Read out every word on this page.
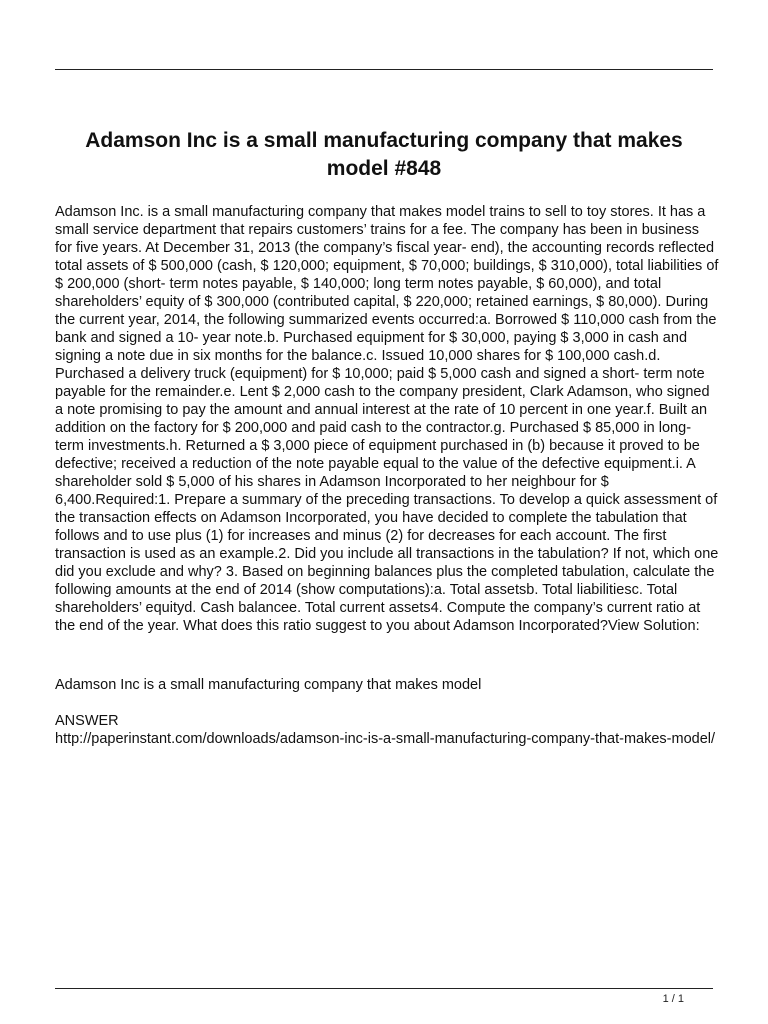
Adamson Inc is a small manufacturing company that makes model #848

Adamson Inc. is a small manufacturing company that makes model trains to sell to toy stores. It has a small service department that repairs customers’ trains for a fee. The company has been in business for five years. At December 31, 2013 (the company’s fiscal year- end), the accounting records reflected total assets of $ 500,000 (cash, $ 120,000; equipment, $ 70,000; buildings, $ 310,000), total liabilities of $ 200,000 (short- term notes payable, $ 140,000; long term notes payable, $ 60,000), and total shareholders’ equity of $ 300,000 (contributed capital, $ 220,000; retained earnings, $ 80,000). During the current year, 2014, the following summarized events occurred:a. Borrowed $ 110,000 cash from the bank and signed a 10- year note.b. Purchased equipment for $ 30,000, paying $ 3,000 in cash and signing a note due in six months for the balance.c. Issued 10,000 shares for $ 100,000 cash.d. Purchased a delivery truck (equipment) for $ 10,000; paid $ 5,000 cash and signed a short- term note payable for the remainder.e. Lent $ 2,000 cash to the company president, Clark Adamson, who signed a note promising to pay the amount and annual interest at the rate of 10 percent in one year.f. Built an addition on the factory for $ 200,000 and paid cash to the contractor.g. Purchased $ 85,000 in long- term investments.h. Returned a $ 3,000 piece of equipment purchased in (b) because it proved to be defective; received a reduction of the note payable equal to the value of the defective equipment.i. A shareholder sold $ 5,000 of his shares in Adamson Incorporated to her neighbour for $ 6,400.Required:1. Prepare a summary of the preceding transactions. To develop a quick assessment of the transaction effects on Adamson Incorporated, you have decided to complete the tabulation that follows and to use plus (1) for increases and minus (2) for decreases for each account. The first transaction is used as an example.2. Did you include all transactions in the tabulation? If not, which one did you exclude and why? 3. Based on beginning balances plus the completed tabulation, calculate the following amounts at the end of 2014 (show computations):a. Total assetsb. Total liabilitiesc. Total shareholders’ equityd. Cash balancee. Total current assets4. Compute the company’s current ratio at the end of the year. What does this ratio suggest to you about Adamson Incorporated?View Solution:

Adamson Inc is a small manufacturing company that makes model

ANSWER

http://paperinstant.com/downloads/adamson-inc-is-a-small-manufacturing-company-that-makes-model/
1 / 1
